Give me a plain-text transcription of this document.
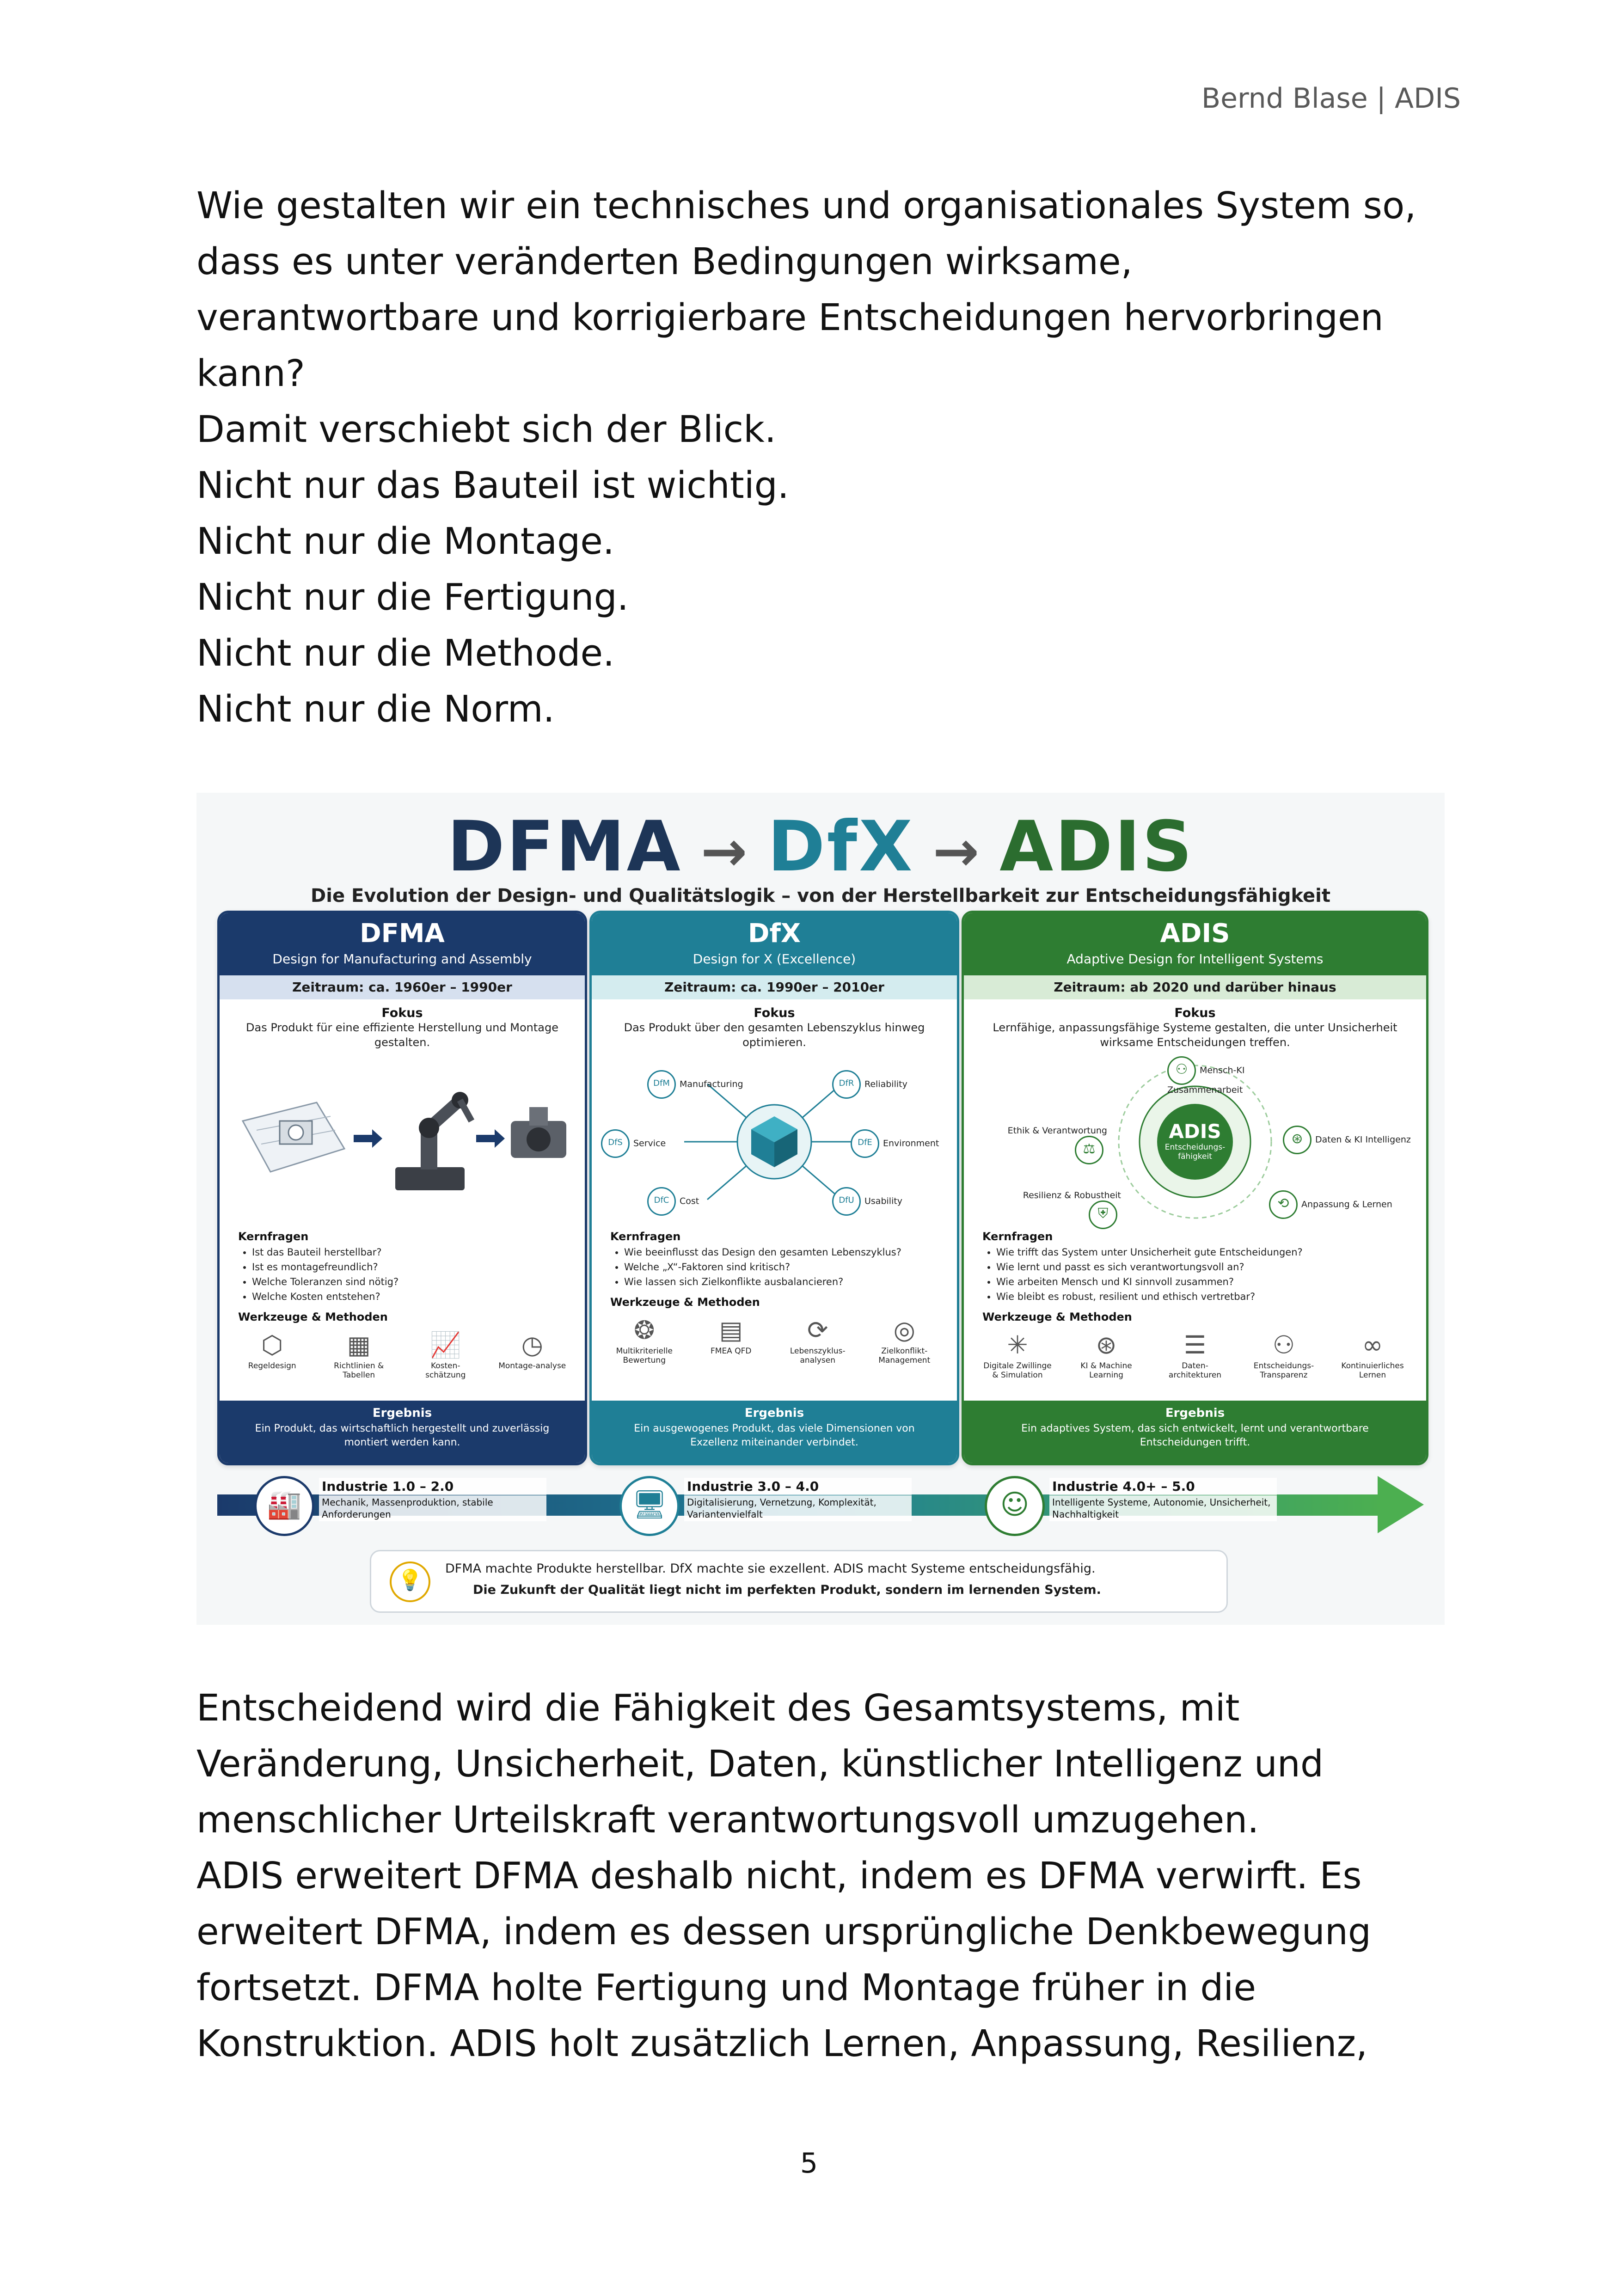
Bernd Blase | ADIS

Wie gestalten wir ein technisches und organisationales System so,

dass es unter veränderten Bedingungen wirksame,

verantwortbare und korrigierbare Entscheidungen hervorbringen

kann?

Damit verschiebt sich der Blick.

Nicht nur das Bauteil ist wichtig.

Nicht nur die Montage.

Nicht nur die Fertigung.

Nicht nur die Methode.

Nicht nur die Norm.

DFMA → DfX → ADIS
Die Evolution der Design- und Qualitätslogik – von der Herstellbarkeit zur Entscheidungsfähigkeit
DFMA
Design for Manufacturing and Assembly
Zeitraum: ca. 1960er – 1990er
Fokus
Das Produkt für eine effiziente Herstellung und Montage gestalten.
Kernfragen
• Ist das Bauteil herstellbar?
• Ist es montagefreundlich?
• Welche Toleranzen sind nötig?
• Welche Kosten entstehen?
Werkzeuge & Methoden
⬡
Regeldesign
▦
Richtlinien & Tabellen
📈
Kosten-schätzung
◷
Montage-analyse
Ergebnis
Ein Produkt, das wirtschaftlich hergestellt und zuverlässig montiert werden kann.
DfX
Design for X (Excellence)
Zeitraum: ca. 1990er – 2010er
Fokus
Das Produkt über den gesamten Lebenszyklus hinweg optimieren.
DfM Manufacturing	DfR Reliability
DfS Service	DfE Environment
DfC Cost	DfU Usability
Kernfragen
• Wie beeinflusst das Design den gesamten Lebenszyklus?
• Welche „X“-Faktoren sind kritisch?
• Wie lassen sich Zielkonflikte ausbalancieren?
Werkzeuge & Methoden
❂
Multikriterielle Bewertung
▤
FMEA QFD
⟳
Lebenszyklus-analysen
◎
Zielkonflikt-Management
Ergebnis
Ein ausgewogenes Produkt, das viele Dimensionen von Exzellenz miteinander verbindet.
ADIS
Adaptive Design for Intelligent Systems
Zeitraum: ab 2020 und darüber hinaus
Fokus
Lernfähige, anpassungsfähige Systeme gestalten, die unter Unsicherheit wirksame Entscheidungen treffen.
ADIS
Entscheidungs-fähigkeit
⚇ Mensch-KI Zusammenarbeit
Ethik & Verantwortung ⚖
⊛ Daten & KI Intelligenz
Resilienz & Robustheit ⛨
⟲ Anpassung & Lernen
Kernfragen
• Wie trifft das System unter Unsicherheit gute Entscheidungen?
• Wie lernt und passt es sich verantwortungsvoll an?
• Wie arbeiten Mensch und KI sinnvoll zusammen?
• Wie bleibt es robust, resilient und ethisch vertretbar?
Werkzeuge & Methoden
✳
Digitale Zwillinge & Simulation
⊛
KI & Machine Learning
☰
Daten-architekturen
⚇
Entscheidungs-Transparenz
∞
Kontinuierliches Lernen
Ergebnis
Ein adaptives System, das sich entwickelt, lernt und verantwortbare Entscheidungen trifft.
🏭
Industrie 1.0 – 2.0
Mechanik, Massenproduktion, stabile Anforderungen	🖥
Industrie 3.0 – 4.0
Digitalisierung, Vernetzung, Komplexität, Variantenvielfalt	☺
Industrie 4.0+ – 5.0
Intelligente Systeme, Autonomie, Unsicherheit, Nachhaltigkeit
💡	DFMA machte Produkte herstellbar. DfX machte sie exzellent. ADIS macht Systeme entscheidungsfähig.
Die Zukunft der Qualität liegt nicht im perfekten Produkt, sondern im lernenden System.

Entscheidend wird die Fähigkeit des Gesamtsystems, mit

Veränderung, Unsicherheit, Daten, künstlicher Intelligenz und

menschlicher Urteilskraft verantwortungsvoll umzugehen.

ADIS erweitert DFMA deshalb nicht, indem es DFMA verwirft. Es

erweitert DFMA, indem es dessen ursprüngliche Denkbewegung

fortsetzt. DFMA holte Fertigung und Montage früher in die

Konstruktion. ADIS holt zusätzlich Lernen, Anpassung, Resilienz,

5
